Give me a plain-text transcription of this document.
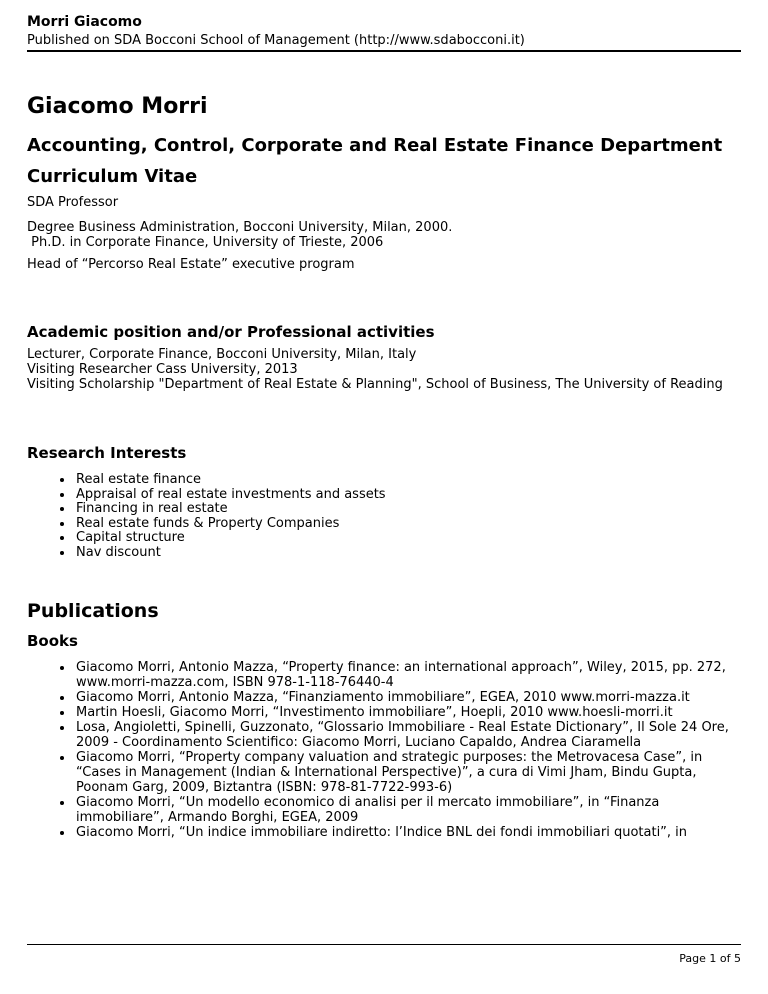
Morri Giacomo
Published on SDA Bocconi School of Management (http://www.sdabocconi.it)
Giacomo Morri
Accounting, Control, Corporate and Real Estate Finance Department
Curriculum Vitae

SDA Professor

Degree Business Administration, Bocconi University, Milan, 2000.

Ph.D. in Corporate Finance, University of Trieste, 2006

Head of “Percorso Real Estate” executive program

Academic position and/or Professional activities

Lecturer, Corporate Finance, Bocconi University, Milan, Italy

Visiting Researcher Cass University, 2013

Visiting Scholarship "Department of Real Estate & Planning", School of Business, The University of Reading

Research Interests
• Real estate finance
• Appraisal of real estate investments and assets
• Financing in real estate
• Real estate funds & Property Companies
• Capital structure
• Nav discount
Publications
Books
• Giacomo Morri, Antonio Mazza, “Property finance: an international approach”, Wiley, 2015, pp. 272, www.morri-mazza.com, ISBN 978-1-118-76440-4
• Giacomo Morri, Antonio Mazza, “Finanziamento immobiliare”, EGEA, 2010 www.morri-mazza.it
• Martin Hoesli, Giacomo Morri, “Investimento immobiliare”, Hoepli, 2010 www.hoesli-morri.it
• Losa, Angioletti, Spinelli, Guzzonato, “Glossario Immobiliare - Real Estate Dictionary”, Il Sole 24 Ore, 2009 - Coordinamento Scientifico: Giacomo Morri, Luciano Capaldo, Andrea Ciaramella
• Giacomo Morri, “Property company valuation and strategic purposes: the Metrovacesa Case”, in “Cases in Management (Indian & International Perspective)”, a cura di Vimi Jham, Bindu Gupta, Poonam Garg, 2009, Biztantra (ISBN: 978-81-7722-993-6)
• Giacomo Morri, “Un modello economico di analisi per il mercato immobiliare”, in “Finanza immobiliare”, Armando Borghi, EGEA, 2009
• Giacomo Morri, “Un indice immobiliare indiretto: l’Indice BNL dei fondi immobiliari quotati”, in
Page 1 of 5
